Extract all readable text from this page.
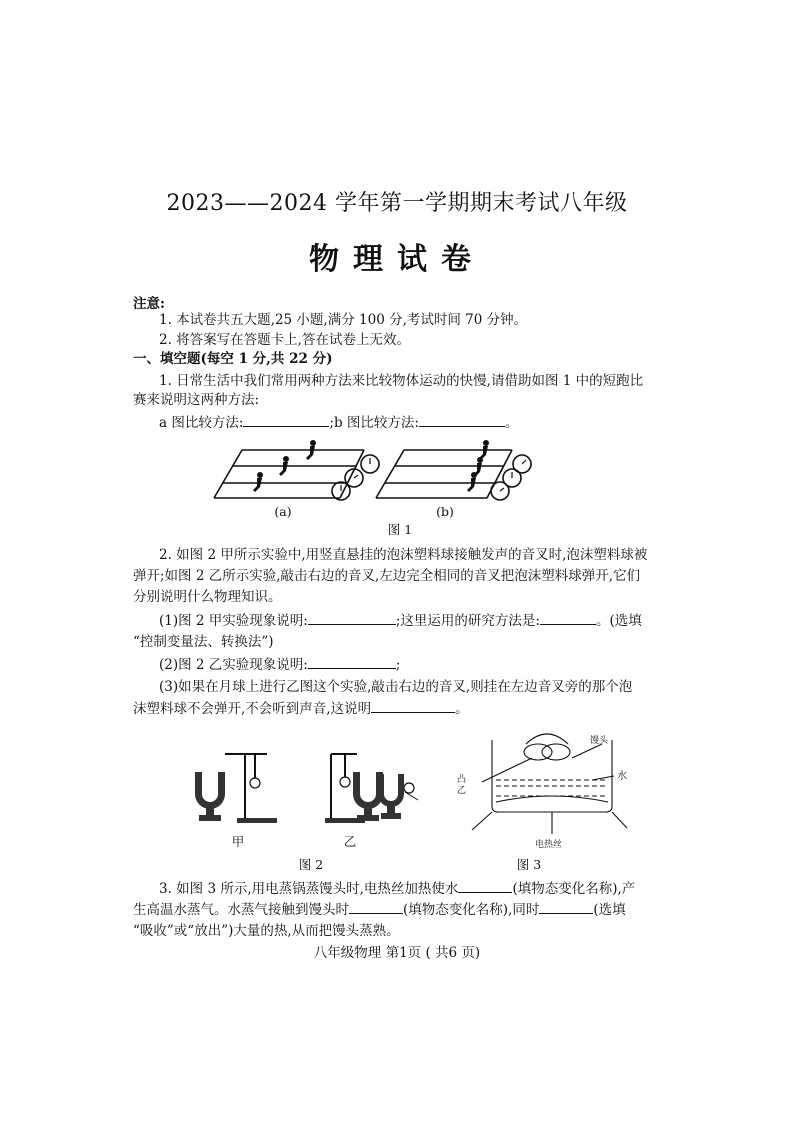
2023——2024 学年第一学期期末考试八年级
物理试卷
注意:
1. 本试卷共五大题,25 小题,满分 100 分,考试时间 70 分钟。
2. 将答案写在答题卡上,答在试卷上无效。
一、填空题(每空 1 分,共 22 分)
1. 日常生活中我们常用两种方法来比较物体运动的快慢,请借助如图 1 中的短跑比
赛来说明这两种方法:
a 图比较方法:	;b 图比较方法:	。
(a)	(b)
图 1
2. 如图 2 甲所示实验中,用竖直悬挂的泡沫塑料球接触发声的音叉时,泡沫塑料球被
弹开;如图 2 乙所示实验,敲击右边的音叉,左边完全相同的音叉把泡沫塑料球弹开,它们
分别说明什么物理知识。
(1)图 2 甲实验现象说明:	;这里运用的研究方法是:	。(选填
“控制变量法、转换法”)
(2)图 2 乙实验现象说明:	;
(3)如果在月球上进行乙图这个实验,敲击右边的音叉,则挂在左边音叉旁的那个泡
沫塑料球不会弹开,不会听到声音,这说明	。
甲	乙
图 2
馒头
水
凸
乙
电热丝
图 3
3. 如图 3 所示,用电蒸锅蒸馒头时,电热丝加热使水	(填物态变化名称),产
生高温水蒸气。水蒸气接触到馒头时	(填物态变化名称),同时	(选填
“吸收”或“放出”)大量的热,从而把馒头蒸熟。
八年级物理 第1页 ( 共6 页)
